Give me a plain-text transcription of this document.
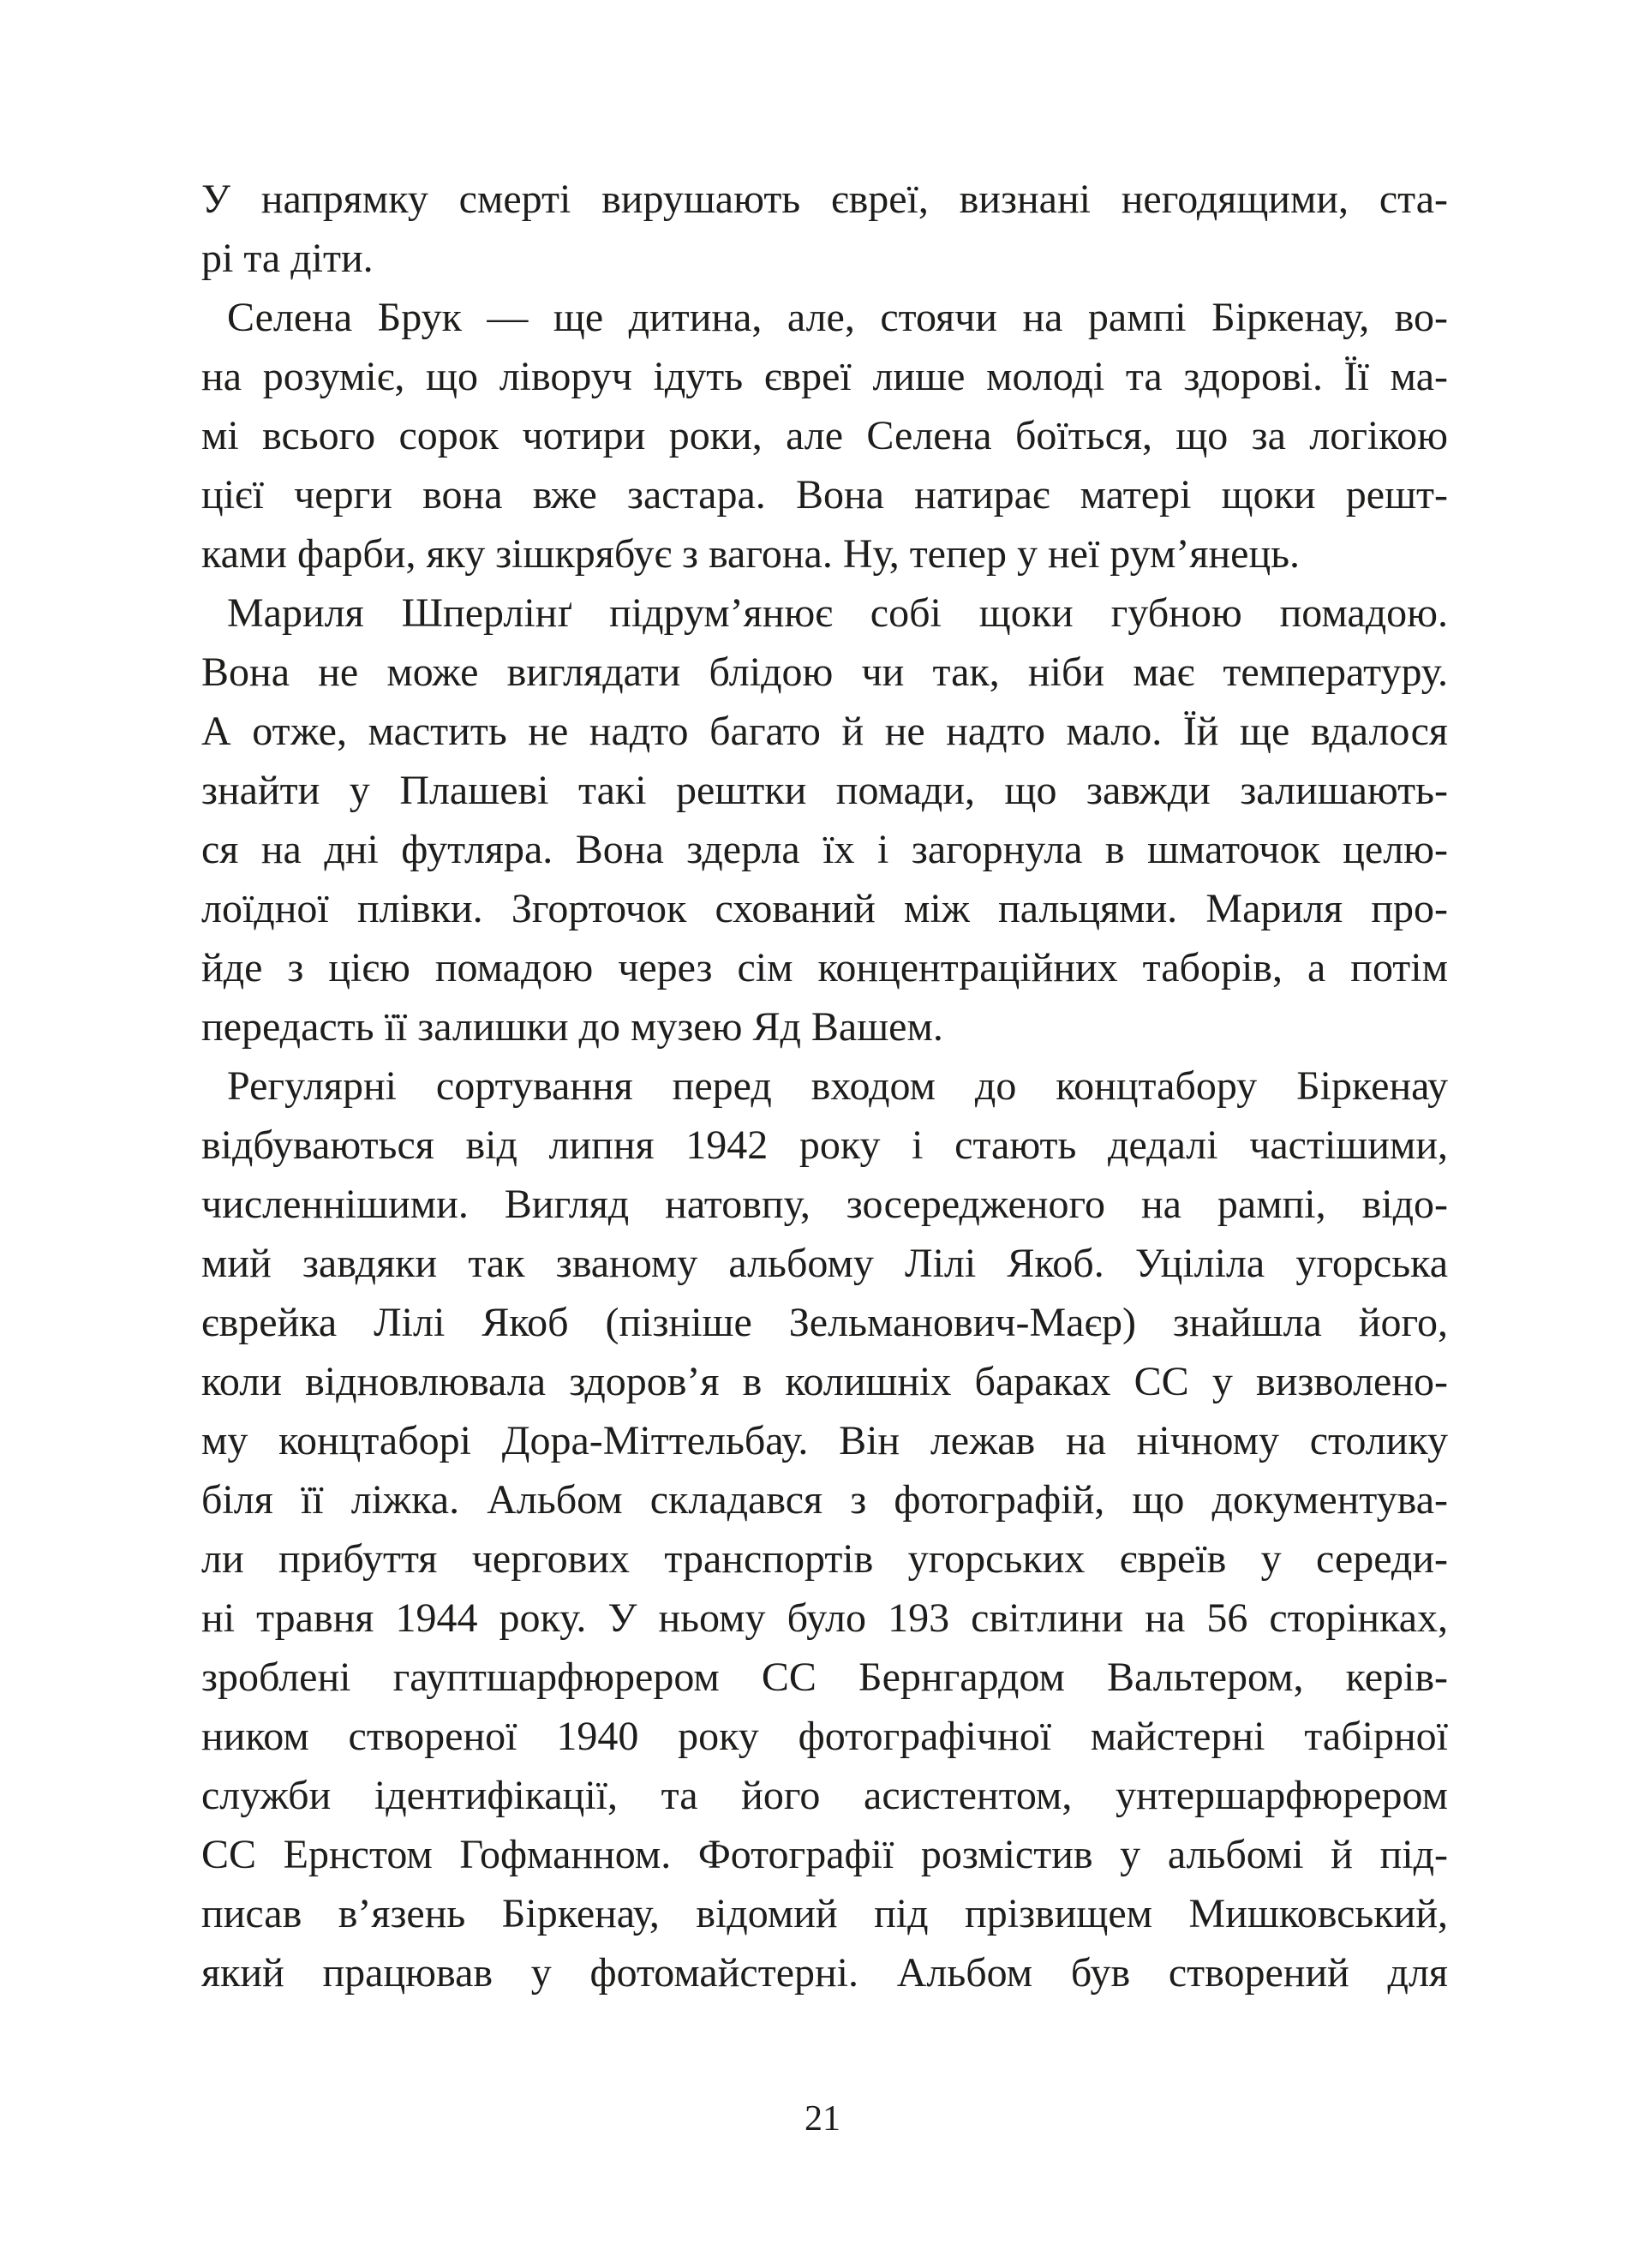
У напрямку смерті вирушають євреї, визнані негодящими, ста-
рі та діти.
Селена Брук — ще дитина, але, стоячи на рампі Біркенау, во-
на розуміє, що ліворуч ідуть євреї лише молоді та здорові. Її ма-
мі всього сорок чотири роки, але Селена боїться, що за логікою
цієї черги вона вже застара. Вона натирає матері щоки решт-
ками фарби, яку зішкрябує з вагона. Ну, тепер у неї рум’янець.
Мариля Шперлінґ підрум’янює собі щоки губною помадою.
Вона не може виглядати блідою чи так, ніби має температуру.
А отже, мастить не надто багато й не надто мало. Їй ще вдалося
знайти у Плашеві такі рештки помади, що завжди залишають-
ся на дні футляра. Вона здерла їх і загорнула в шматочок целю-
лоїдної плівки. Згорточок схований між пальцями. Мариля про-
йде з цією помадою через сім концентраційних таборів, а потім
передасть її залишки до музею Яд Вашем.
Регулярні сортування перед входом до концтабору Біркенау
відбуваються від липня 1942 року і стають дедалі частішими,
численнішими. Вигляд натовпу, зосередженого на рампі, відо-
мий завдяки так званому альбому Лілі Якоб. Уціліла угорська
єврейка Лілі Якоб (пізніше Зельманович-Маєр) знайшла його,
коли відновлювала здоров’я в колишніх бараках СС у визволено-
му концтаборі Дора-Міттельбау. Він лежав на нічному столику
біля її ліжка. Альбом складався з фотографій, що документува-
ли прибуття чергових транспортів угорських євреїв у середи-
ні травня 1944 року. У ньому було 193 світлини на 56 сторінках,
зроблені гауптшарфюрером СС Бернгардом Вальтером, керів-
ником створеної 1940 року фотографічної майстерні табірної
служби ідентифікації, та його асистентом, унтершарфюрером
СС Ернстом Гофманном. Фотографії розмістив у альбомі й під-
писав в’язень Біркенау, відомий під прізвищем Мишковський,
який працював у фотомайстерні. Альбом був створений для
21
